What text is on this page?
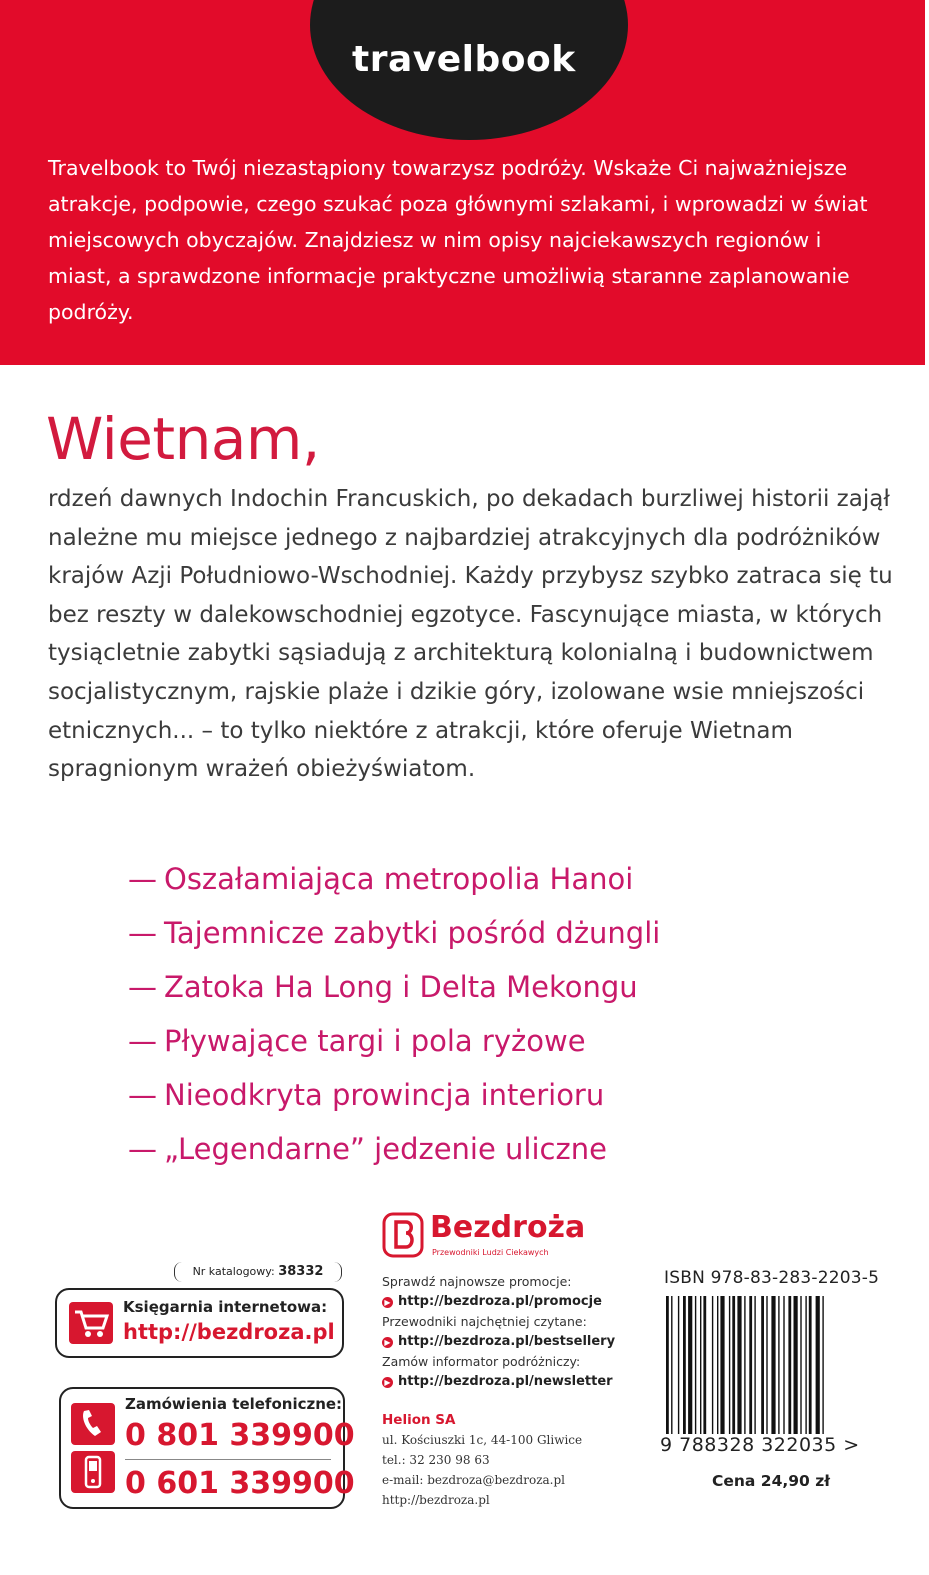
travelbook

Travelbook to Twój niezastąpiony towarzysz podróży. Wskaże Ci najważniejsze atrakcje, podpowie, czego szukać poza głównymi szlakami, i wprowadzi w świat miejscowych obyczajów. Znajdziesz w nim opisy najciekawszych regionów i miast, a sprawdzone informacje praktyczne umożliwią staranne zaplanowanie podróży.

Wietnam,

rdzeń dawnych Indochin Francuskich, po dekadach burzliwej historii zajął należne mu miejsce jednego z najbardziej atrakcyjnych dla podróżników krajów Azji Południowo-Wschodniej. Każdy przybysz szybko zatraca się tu bez reszty w dalekowschodniej egzotyce. Fascynujące miasta, w których tysiącletnie zabytki sąsiadują z architekturą kolonialną i budownictwem socjalistycznym, rajskie plaże i dzikie góry, izolowane wsie mniejszości etnicznych... – to tylko niektóre z atrakcji, które oferuje Wietnam spragnionym wrażeń obieżyświatom.

— Oszałamiająca metropolia Hanoi
— Tajemnicze zabytki pośród dżungli
— Zatoka Ha Long i Delta Mekongu
— Pływające targi i pola ryżowe
— Nieodkryta prowincja interioru
— „Legendarne” jedzenie uliczne
Nr katalogowy: 38332
Księgarnia internetowa:
http://bezdroza.pl
Zamówienia telefoniczne:
0 801 339900
0 601 339900
Bezdroża
Przewodniki Ludzi Ciekawych
Sprawdź najnowsze promocje:
▶ http://bezdroza.pl/promocje
Przewodniki najchętniej czytane:
▶ http://bezdroza.pl/bestsellery
Zamów informator podróżniczy:
▶ http://bezdroza.pl/newsletter
Helion SA
ul. Kościuszki 1c, 44-100 Gliwice
tel.: 32 230 98 63
e-mail: bezdroza@bezdroza.pl
http://bezdroza.pl
ISBN 978-83-283-2203-5
9 788328 322035 >
Cena 24,90 zł
